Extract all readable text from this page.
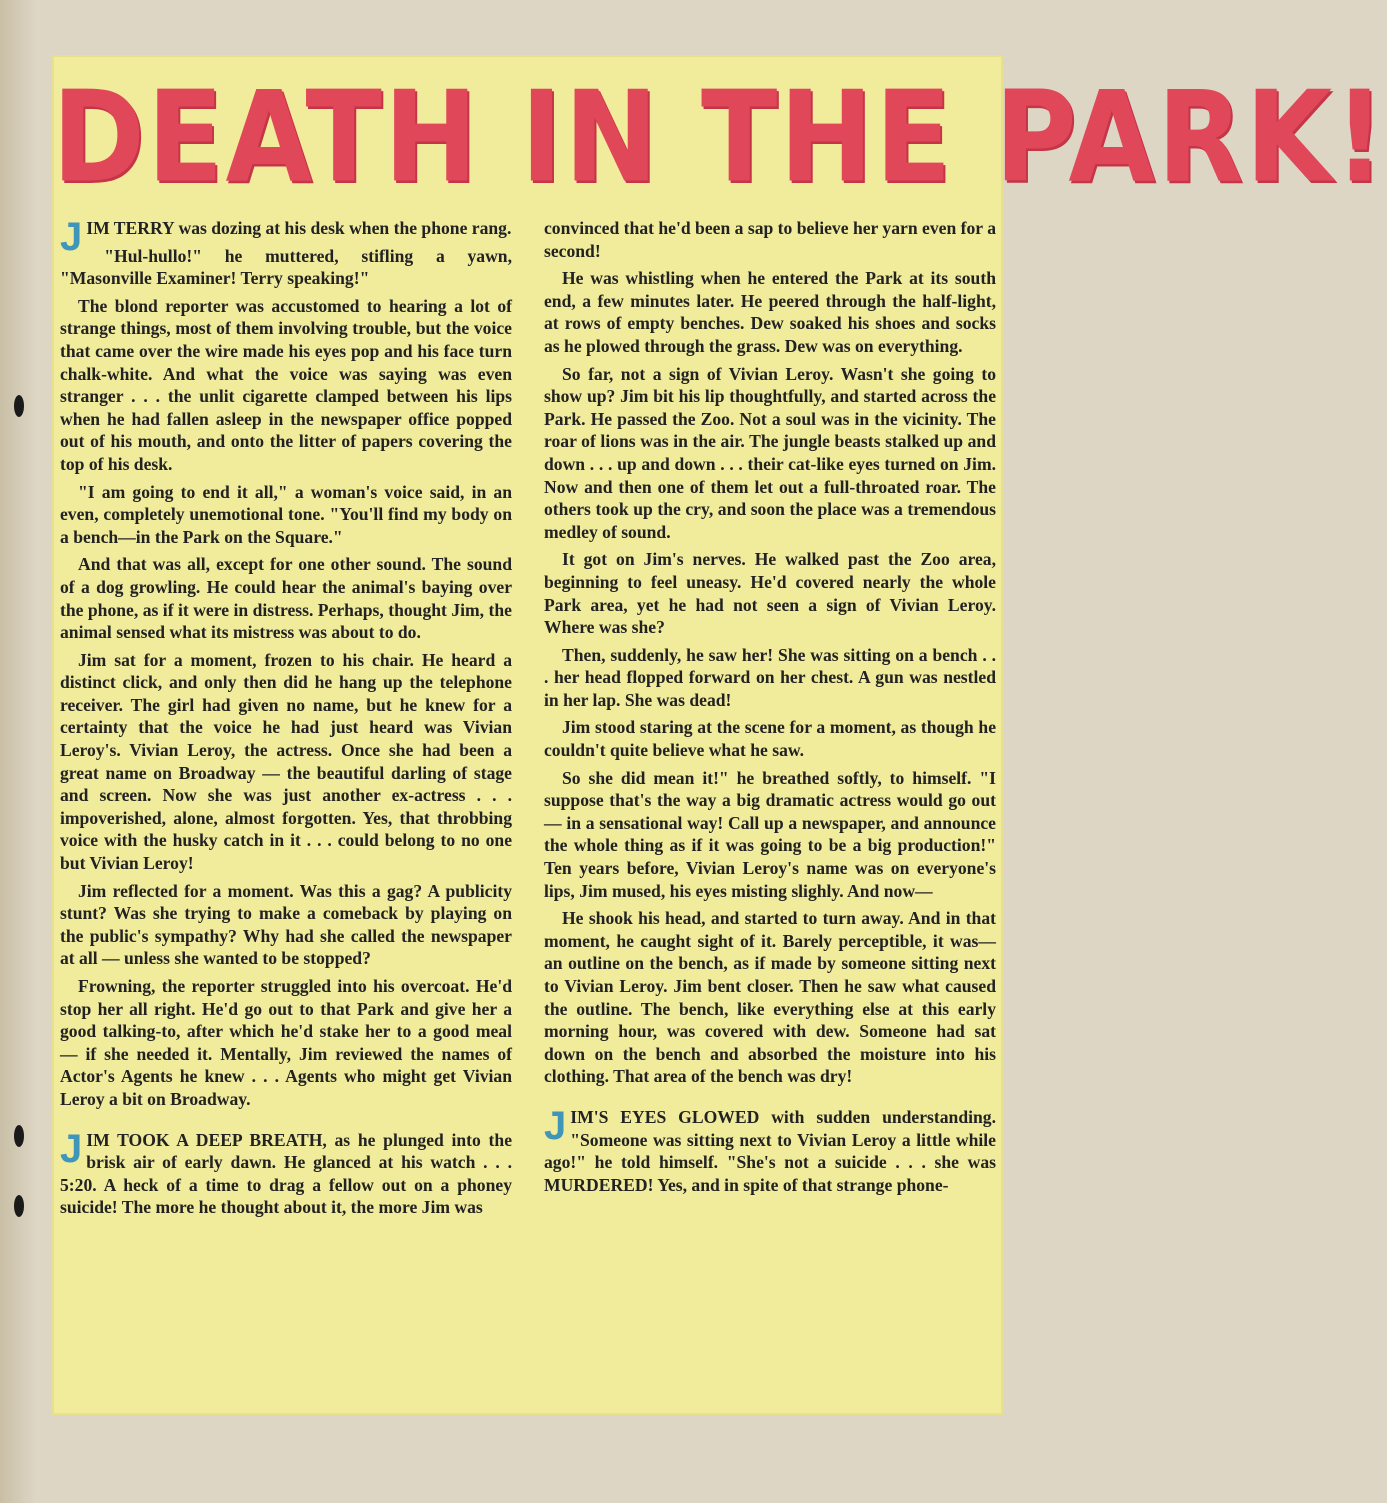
DEATH IN THE PARK!

JIM TERRY was dozing at his desk when the phone rang.

"Hul-hullo!" he muttered, stifling a yawn, "Masonville Examiner! Terry speaking!"

The blond reporter was accustomed to hearing a lot of strange things, most of them involving trouble, but the voice that came over the wire made his eyes pop and his face turn chalk-white. And what the voice was saying was even stranger . . . the unlit cigarette clamped between his lips when he had fallen asleep in the newspaper office popped out of his mouth, and onto the litter of papers covering the top of his desk.

"I am going to end it all," a woman's voice said, in an even, completely unemotional tone. "You'll find my body on a bench—in the Park on the Square."

And that was all, except for one other sound. The sound of a dog growling. He could hear the animal's baying over the phone, as if it were in distress. Perhaps, thought Jim, the animal sensed what its mistress was about to do.

Jim sat for a moment, frozen to his chair. He heard a distinct click, and only then did he hang up the telephone receiver. The girl had given no name, but he knew for a certainty that the voice he had just heard was Vivian Leroy's. Vivian Leroy, the actress. Once she had been a great name on Broadway — the beautiful darling of stage and screen. Now she was just another ex-actress . . . impoverished, alone, almost forgotten. Yes, that throbbing voice with the husky catch in it . . . could belong to no one but Vivian Leroy!

Jim reflected for a moment. Was this a gag? A publicity stunt? Was she trying to make a comeback by playing on the public's sympathy? Why had she called the newspaper at all — unless she wanted to be stopped?

Frowning, the reporter struggled into his overcoat. He'd stop her all right. He'd go out to that Park and give her a good talking-to, after which he'd stake her to a good meal — if she needed it. Mentally, Jim reviewed the names of Actor's Agents he knew . . . Agents who might get Vivian Leroy a bit on Broadway.

JIM TOOK A DEEP BREATH, as he plunged into the brisk air of early dawn. He glanced at his watch . . . 5:20. A heck of a time to drag a fellow out on a phoney suicide! The more he thought about it, the more Jim was

convinced that he'd been a sap to believe her yarn even for a second!

He was whistling when he entered the Park at its south end, a few minutes later. He peered through the half-light, at rows of empty benches. Dew soaked his shoes and socks as he plowed through the grass. Dew was on everything.

So far, not a sign of Vivian Leroy. Wasn't she going to show up? Jim bit his lip thoughtfully, and started across the Park. He passed the Zoo. Not a soul was in the vicinity. The roar of lions was in the air. The jungle beasts stalked up and down . . . up and down . . . their cat-like eyes turned on Jim. Now and then one of them let out a full-throated roar. The others took up the cry, and soon the place was a tremendous medley of sound.

It got on Jim's nerves. He walked past the Zoo area, beginning to feel uneasy. He'd covered nearly the whole Park area, yet he had not seen a sign of Vivian Leroy. Where was she?

Then, suddenly, he saw her! She was sitting on a bench . . . her head flopped forward on her chest. A gun was nestled in her lap. She was dead!

Jim stood staring at the scene for a moment, as though he couldn't quite believe what he saw.

So she did mean it!" he breathed softly, to himself. "I suppose that's the way a big dramatic actress would go out — in a sensational way! Call up a newspaper, and announce the whole thing as if it was going to be a big production!" Ten years before, Vivian Leroy's name was on everyone's lips, Jim mused, his eyes misting slighly. And now—

He shook his head, and started to turn away. And in that moment, he caught sight of it. Barely perceptible, it was—an outline on the bench, as if made by someone sitting next to Vivian Leroy. Jim bent closer. Then he saw what caused the outline. The bench, like everything else at this early morning hour, was covered with dew. Someone had sat down on the bench and absorbed the moisture into his clothing. That area of the bench was dry!

JIM'S EYES GLOWED with sudden understanding. "Someone was sitting next to Vivian Leroy a little while ago!" he told himself. "She's not a suicide . . . she was MURDERED! Yes, and in spite of that strange phone-
